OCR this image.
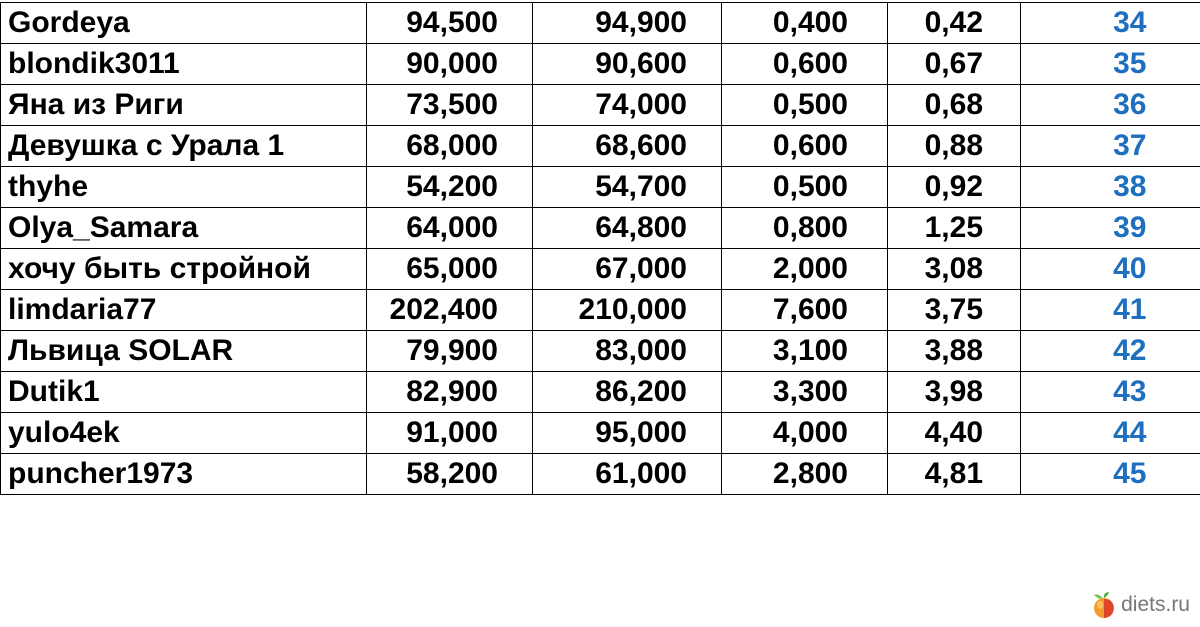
Gordeya	94,500	94,900	0,400	0,42	34
blondik3011	90,000	90,600	0,600	0,67	35
Яна из Риги	73,500	74,000	0,500	0,68	36
Девушка с Урала 1	68,000	68,600	0,600	0,88	37
thyhe	54,200	54,700	0,500	0,92	38
Olya_Samara	64,000	64,800	0,800	1,25	39
хочу быть стройной	65,000	67,000	2,000	3,08	40
limdaria77	202,400	210,000	7,600	3,75	41
Львица SOLAR	79,900	83,000	3,100	3,88	42
Dutik1	82,900	86,200	3,300	3,98	43
yulo4ek	91,000	95,000	4,000	4,40	44
puncher1973	58,200	61,000	2,800	4,81	45
diets.ru
